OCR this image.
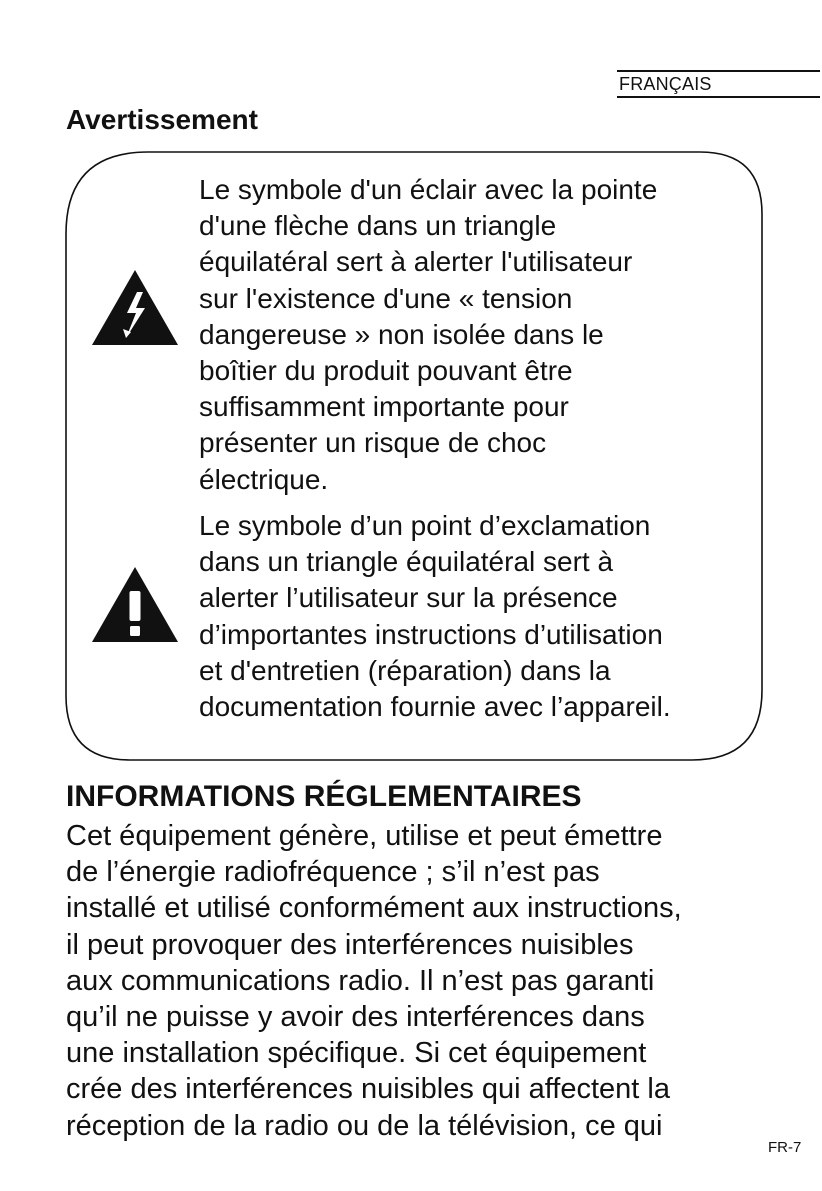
FRANÇAIS
Avertissement

Le symbole d'un éclair avec la pointe
d'une flèche dans un triangle
équilatéral sert à alerter l'utilisateur
sur l'existence d'une « tension
dangereuse » non isolée dans le
boîtier du produit pouvant être
suffisamment importante pour
présenter un risque de choc
électrique.

Le symbole d’un point d’exclamation
dans un triangle équilatéral sert à
alerter l’utilisateur sur la présence
d’importantes instructions d’utilisation
et d'entretien (réparation) dans la
documentation fournie avec l’appareil.

INFORMATIONS RÉGLEMENTAIRES

Cet équipement génère, utilise et peut émettre
de l’énergie radiofréquence ; s’il n’est pas
installé et utilisé conformément aux instructions,
il peut provoquer des interférences nuisibles
aux communications radio. Il n’est pas garanti
qu’il ne puisse y avoir des interférences dans
une installation spécifique. Si cet équipement
crée des interférences nuisibles qui affectent la
réception de la radio ou de la télévision, ce qui

FR-7
